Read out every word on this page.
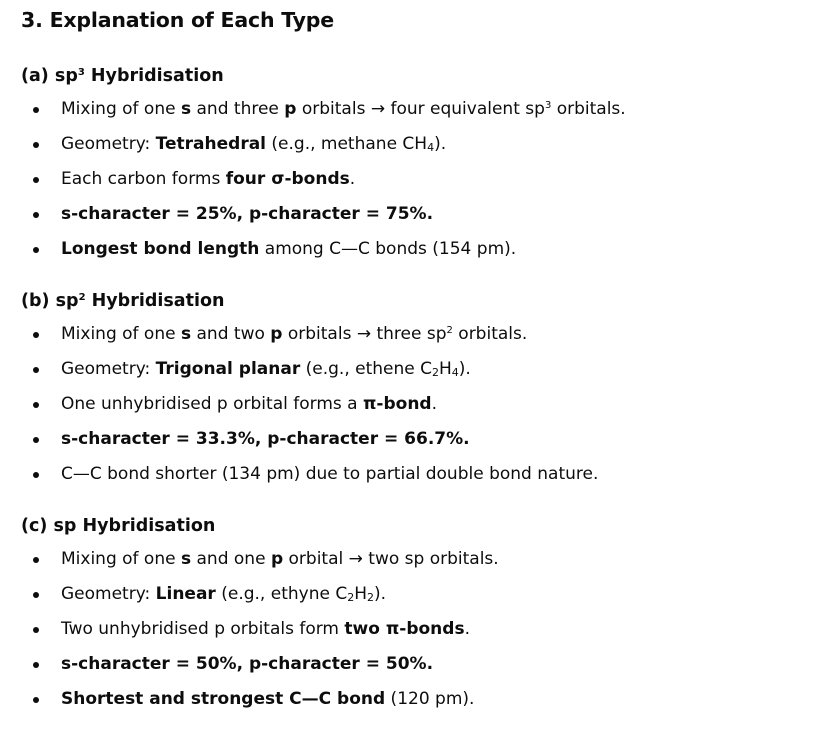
3. Explanation of Each Type
(a) $sp^3$ Hybridisation
Mixing of one s and three p orbitals → four equivalent $sp^3$ orbitals.
Geometry: Tetrahedral (e.g., methane $CH_4$).
Each carbon forms four σ-bonds.
s-character = 25%, p-character = 75%.
Longest bond length among C—C bonds (154 pm).
(b) $sp^2$ Hybridisation
Mixing of one s and two p orbitals → three $sp^2$ orbitals.
Geometry: Trigonal planar (e.g., ethene $C_2H_4$).
One unhybridised p orbital forms a π-bond.
s-character = 33.3%, p-character = 66.7%.
C—C bond shorter (134 pm) due to partial double bond nature.
(c) sp Hybridisation
Mixing of one s and one p orbital → two sp orbitals.
Geometry: Linear (e.g., ethyne $C_2H_2$).
Two unhybridised p orbitals form two π-bonds.
s-character = 50%, p-character = 50%.
Shortest and strongest C—C bond (120 pm).
